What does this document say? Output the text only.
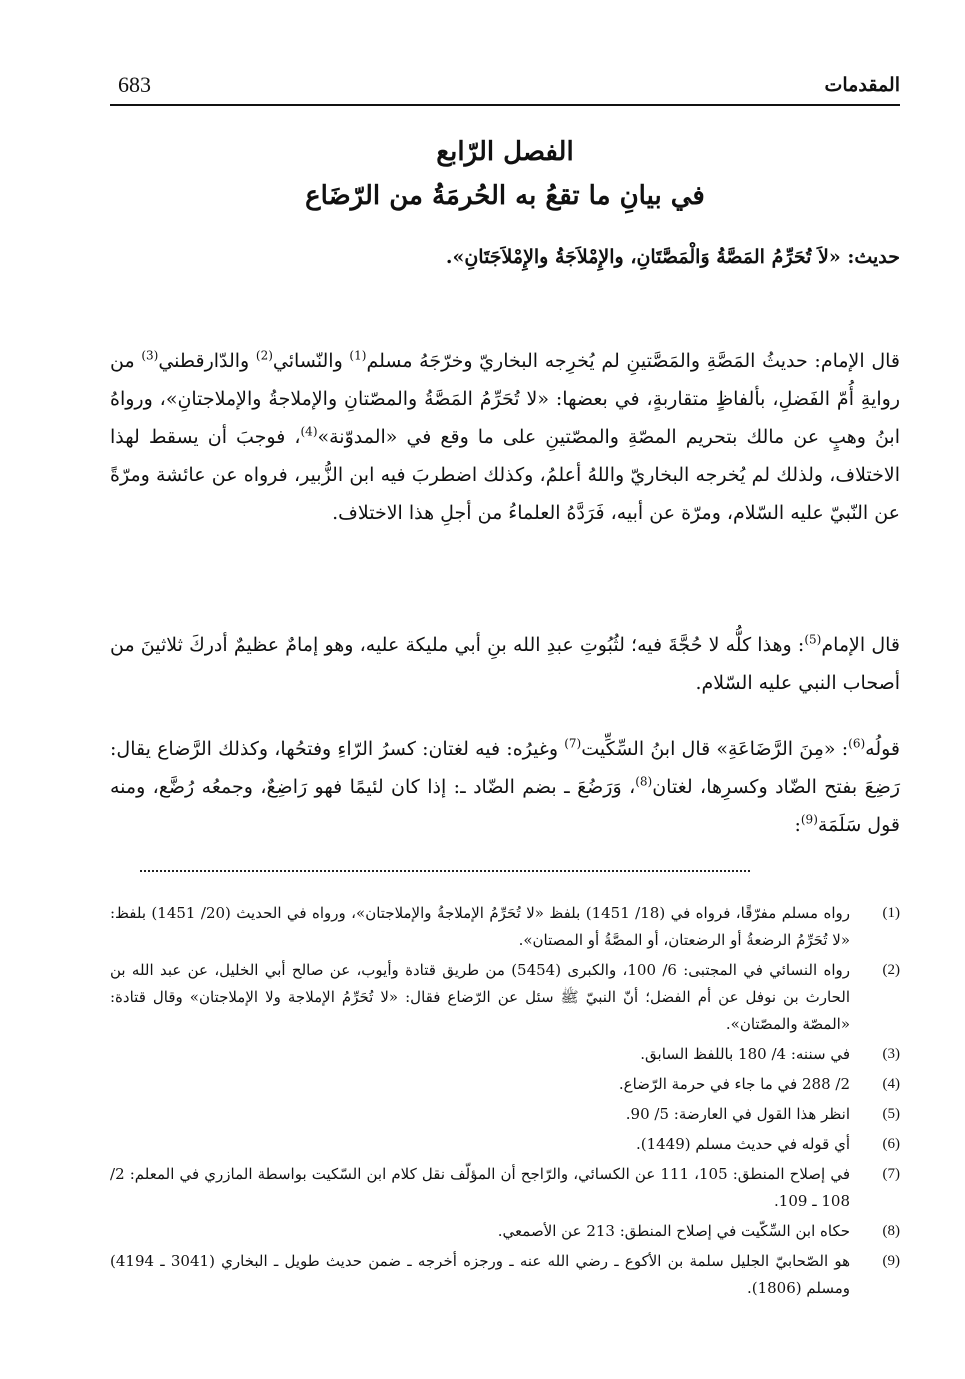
683	المقدمات
الفصل الرّابع
في بيانِ ما تقعُ به الحُرمَةُ من الرّضَاع
حديث: «لاَ تُحَرِّمُ المَصَّةُ وَالْمَصَّتَانِ، والإِمْلاَجَةُ والإِمْلاَجَتَانِ».
قال الإمام: حديثُ المَصَّةِ والمَصَّتينِ لم يُخرِجه البخاريّ وخرّجَهُ مسلم$^{(1)}$ والنّسائي$^{(2)}$ والدّارقطني$^{(3)}$ من روايةِ أُمّ الفَضلِ، بألفاظٍ متقاربةٍ، في بعضها: «لا تُحَرِّمُ المَصَّةُ والمصّتانِ والإملاجةُ والإملاجتانِ»، ورواهُ ابنُ وهبٍ عن مالك بتحريم المصّةِ والمصّتينِ على ما وقع في «المدوّنة»$^{(4)}$، فوجبَ أن يسقط لهذا الاختلاف، ولذلك لم يُخرجه البخاريّ واللهُ أعلمُ، وكذلك اضطربَ فيه ابن الزُّبير، فرواه عن عائشة ومرّةً عن النّبيّ عليه السّلام، ومرّة عن أبيه، فَرَدَّهُ العلماءُ من أجلِ هذا الاختلاف.
قال الإمام$^{(5)}$: وهذا كلُّه لا حُجَّةَ فيه؛ لثُبُوتِ عبدِ الله بنِ أبي مليكة عليه، وهو إمامٌ عظيمٌ أدركَ ثلاثينَ من أصحاب النبي عليه السّلام.
قولُه$^{(6)}$: «مِنَ الرَّضَاعَةِ» قال ابنُ السِّكِّيت$^{(7)}$ وغيرُه: فيه لغتان: كسرُ الرّاءِ وفتحُها، وكذلك الرَّضاع يقال: رَضِعَ بفتح الضّاد وكسرِها، لغتان$^{(8)}$، وَرَضُعَ ـ بضم الضّاد ـ: إذا كان لئيمًا فهو رَاضِعٌ، وجمعُه رُضَّع، ومنه قول سَلَمَة$^{(9)}$:
(1)
رواه مسلم مفرّقًا، فرواه في (18/ 1451) بلفظ «لا تُحَرِّمُ الإملاجةُ والإملاجتان»، ورواه في الحديث (20/ 1451) بلفظ: «لا تُحَرِّمُ الرضعةُ أو الرضعتان، أو المصَّةُ أو المصتان».
(2)
رواه النسائي في المجتبى: 6/ 100، والكبرى (5454) من طريق قتادة وأيوب، عن صالح أبي الخليل، عن عبد الله بن الحارث بن نوفل عن أم الفضل؛ أنّ النبيّ ﷺ سئل عن الرّضاع فقال: «لا تُحَرِّمُ الإملاجة ولا الإملاجتان» وقال قتادة: «المصّة والمصّتان».
(3)
في سننه: 4/ 180 باللفظ السابق.
(4)
2/ 288 في ما جاء في حرمة الرّضاع.
(5)
انظر هذا القول في العارضة: 5/ 90.
(6)
أي قوله في حديث مسلم (1449).
(7)
في إصلاح المنطق: 105، 111 عن الكسائي، والرّاجح أن المؤلّف نقل كلام ابن السّكيت بواسطة المازري في المعلم: 2/ 108 ـ 109.
(8)
حكاه ابن السِّكّيت في إصلاح المنطق: 213 عن الأصمعي.
(9)
هو الصّحابيّ الجليل سلمة بن الأكوع ـ رضي الله عنه ـ ورجزه أخرجه ـ ضمن حديث طويل ـ البخاري (3041 ـ 4194) ومسلم (1806).
